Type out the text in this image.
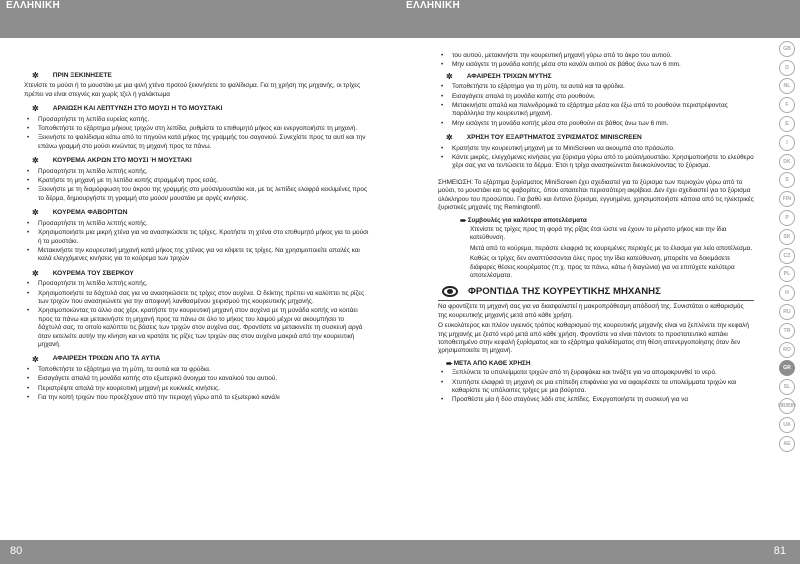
ΕΛΛΗΝΙΚΗ
✲ ΠΡΙΝ ΞΕΚΙΝΗΣΕΤΕ

Χτενίστε το μούσι ή το μουστάκι με μια ψιλή χτένα προτού ξεκινήσετε το ψαλίδισμα. Για τη χρήση της μηχανής, οι τρίχες πρέπει να είναι στεγνές και χωρίς τζελ ή γαλάκτωμα

✲ ΑΡΑΙΩΣΗ ΚΑΙ ΛΕΠΤΥΝΣΗ ΣΤΟ ΜΟΥΣΙ Η ΤΟ ΜΟΥΣΤΑΚΙ
• Προσαρτήστε τη λεπίδα ευρείας κοπής.
• Τοποθετήστε το εξάρτημα μήκους τριχών στη λεπίδα, ρυθμίστε το επιθυμητό μήκος και ενεργοποιήστε τη μηχανή.
• Ξεκινήστε το ψαλίδισμα κάτω από το πηγούνι κατά μήκος της γραμμής του σαγονιού. Συνεχίστε προς τα αυτί και την επάνω γραμμή στο μούσι κινώντας τη μηχανή προς τα πάνω.
✲ ΚΟΥΡΕΜΑ ΑΚΡΩΝ ΣΤΟ ΜΟΥΣΙ Ή ΜΟΥΣΤΑΚΙ
• Προσαρτήστε τη λεπίδα λεπτής κοπής.
• Κρατήστε τη μηχανή με τη λεπίδα κοπής στραμμένη προς εσάς.
• Ξεκινήστε με τη διαμόρφωση του άκρου της γραμμής στο μούσι/μουστάκι και, με τις λεπίδες ελαφρά κεκλιμένες προς το δέρμα, δημιουργήστε τη γραμμή στο μούσι/ μουστάκι με αργές κινήσεις.
✲ ΚΟΥΡΕΜΑ ΦΑΒΟΡΙΤΩΝ
• Προσαρτήστε τη λεπίδα λεπτής κοπής.
• Χρησιμοποιήστε μια μικρή χτένα για να ανασηκώσετε τις τρίχες. Κρατήστε τη χτένα στο επιθυμητό μήκος για το μούσι ή το μουστάκι.
• Μετακινήστε την κουρευτική μηχανή κατά μήκος της χτένας για να κόψετε τις τρίχες. Να χρησιμοποιείτε απαλές και καλά ελεγχόμενες κινήσεις για το κούρεμα των τριχών
✲ ΚΟΥΡΕΜΑ ΤΟΥ ΣΒΕΡΚΟΥ
• Προσαρτήστε τη λεπίδα λεπτής κοπής.
• Χρησιμοποιήστε τα δάχτυλά σας για να ανασηκώσετε τις τρίχες στον αυχένα. Ο δείκτης πρέπει να καλύπτει τις ρίζες των τριχών που ανασηκώνετε για την αποφυγή λανθασμένου χειρισμού της κουρευτικής μηχανής.
• Χρησιμοποιώντας το άλλο σας χέρι, κρατήστε την κουρευτική μηχανή στον αυχένα με τη μονάδα κοπής να κοιτάει προς τα πάνω και μετακινήστε τη μηχανή προς τα πάνω σε όλο το μήκος του λαιμού μέχρι να ακουμπήσει το δάχτυλό σας, το οποίο καλύπτει τις βάσεις των τριχών στον αυχένα σας. Φροντίστε να μετακινείτε τη συσκευή αργά όταν εκτελείτε αυτήν την κίνηση και να κρατάτε τις ρίζες των τριχών σας στον αυχένα μακριά από την κουρευτική μηχανή.
✲ ΑΦΑΙΡΕΣΗ ΤΡΙΧΩΝ ΑΠΟ ΤΑ ΑΥΤΙΑ
• Τοποθετήστε το εξάρτημα για τη μύτη, τα αυτιά και τα φρύδια.
• Εισαγάγετε απαλά τη μονάδα κοπής στο εξωτερικό άνοιγμα του καναλιού του αυτιού.
• Περιστρέψτε απαλά την κουρευτική μηχανή με κυκλικές κινήσεις.
• Για την κοπή τριχών που προεξέχουν από την περιοχή γύρω από το εξωτερικό κανάλι
80
ΕΛΛΗΝΙΚΗ
• του αυτιού, μετακινήστε την κουρευτική μηχανή γύρω από το άκρο του αυτιού.
• Μην εισάγετε τη μονάδα κοπής μέσα στο κανάλι αυτιού σε βάθος άνω των 6 mm.
✲ ΑΦΑΙΡΕΣΗ ΤΡΙΧΩΝ ΜΥΤΗΣ
• Τοποθετήστε το εξάρτημα για τη μύτη, τα αυτιά και τα φρύδια.
• Εισαγάγετε απαλά τη μονάδα κοπής στο ρουθούνι.
• Μετακινήστε απαλά και παλινδρομικά το εξάρτημα μέσα και έξω από το ρουθούνι περιστρέφοντας παράλληλα την κουρευτική μηχανή.
• Μην εισάγετε τη μονάδα κοπής μέσα στο ρουθούνι σε βάθος άνω των 6 mm.
✲ ΧΡΗΣΗ ΤΟΥ ΕΞΑΡΤΗΜΑΤΟΣ ΞΥΡΙΣΜΑΤΟΣ MINISCREEN
• Κρατήστε την κουρευτική μηχανή με το MiniScreen να ακουμπά στο πρόσωπο.
• Κάντε μικρές, ελεγχόμενες κινήσεις για ξύρισμα γύρω από το μούσι/μουστάκι. Χρησιμοποιήστε το ελεύθερο χέρι σας για να τεντώσετε το δέρμα. Έτσι η τρίχα ανασηκώνεται διευκολύνοντας το ξύρισμα.

ΣΗΜΕΙΩΣΗ: Το εξάρτημα ξυρίσματος MiniScreen έχει σχεδιαστεί για το ξύρισμα των περιοχών γύρω από το μούσι, το μουστάκι και τις φαβορίτες, όπου απαιτείται περισσότερη ακρίβεια. Δεν έχει σχεδιαστεί για το ξύρισμα ολόκληρου του προσώπου. Για βαθύ και έντονο ξύρισμα, εγγυημένα, χρησιμοποιήστε κάποια από τις ηλεκτρικές ξυριστικές μηχανές της Remington®.

➨ Συμβουλές για καλύτερα αποτελέσματα

Χτενίστε τις τρίχες προς τη φορά της ρίζας έτσι ώστε να έχουν το μέγιστο μήκος και την ίδια κατεύθυνση.

Μετά από το κούρεμα, περάστε ελαφριά τις κουρεμένες περιοχές με το έλασμα για λείο αποτέλεσμα.

Καθώς οι τρίχες δεν αναπτύσσονται όλες προς την ίδια κατεύθυνση, μπορείτε να δοκιμάσετε διάφορες θέσεις κουρέματος (π.χ. προς τα πάνω, κάτω ή διαγώνια) για να επιτύχετε καλύτερα αποτελέσματα.

ΦΡΟΝΤΙΔΑ ΤΗΣ ΚΟΥΡΕΥΤΙΚΗΣ ΜΗΧΑΝΗΣ

Να φροντίζετε τη μηχανή σας για να διασφαλιστεί η μακροπρόθεσμη απόδοσή της. Συνιστάται ο καθαρισμός της κουρευτικής μηχανής μετά από κάθε χρήση.

Ο ευκολότερος και πλέον υγιεινός τρόπος καθαρισμού της κουρευτικής μηχανής είναι να ξεπλένετε την κεφαλή της μηχανής με ζεστό νερό μετά από κάθε χρήση. Φροντίστε να είναι πάντοτε το προστατευτικό καπάκι τοποθετημένο στην κεφαλή ξυρίσματος και το εξάρτημα ψαλιδίσματος στη θέση απενεργοποίησης όταν δεν χρησιμοποιείτε τη μηχανή.

➨ ΜΕΤΑ ΑΠΟ ΚΑΘΕ ΧΡΗΣΗ
• Ξεπλύνετε τα υπολείμματα τριχών από τη ξυραφάκια και τινάξτε για να απομακρυνθεί το νερό.
• Χτυπήστε ελαφριά τη μηχανή σε μια επίπεδη επιφάνεια για να αφαιρέσετε τα υπολείμματα τριχών και καθαρίστε τις υπόλοιπες τρίχες με μια βούρτσα.
• Προσθέστε μία ή δύο σταγόνες λάδι στις λεπίδες. Ενεργοποιήστε τη συσκευή για να
GB
D
NL
F
E
I
DK
S
FIN
P
SK
CZ
PL
H
RU
TR
RO
GR
SL
HR/BIH
UA
AE
81
